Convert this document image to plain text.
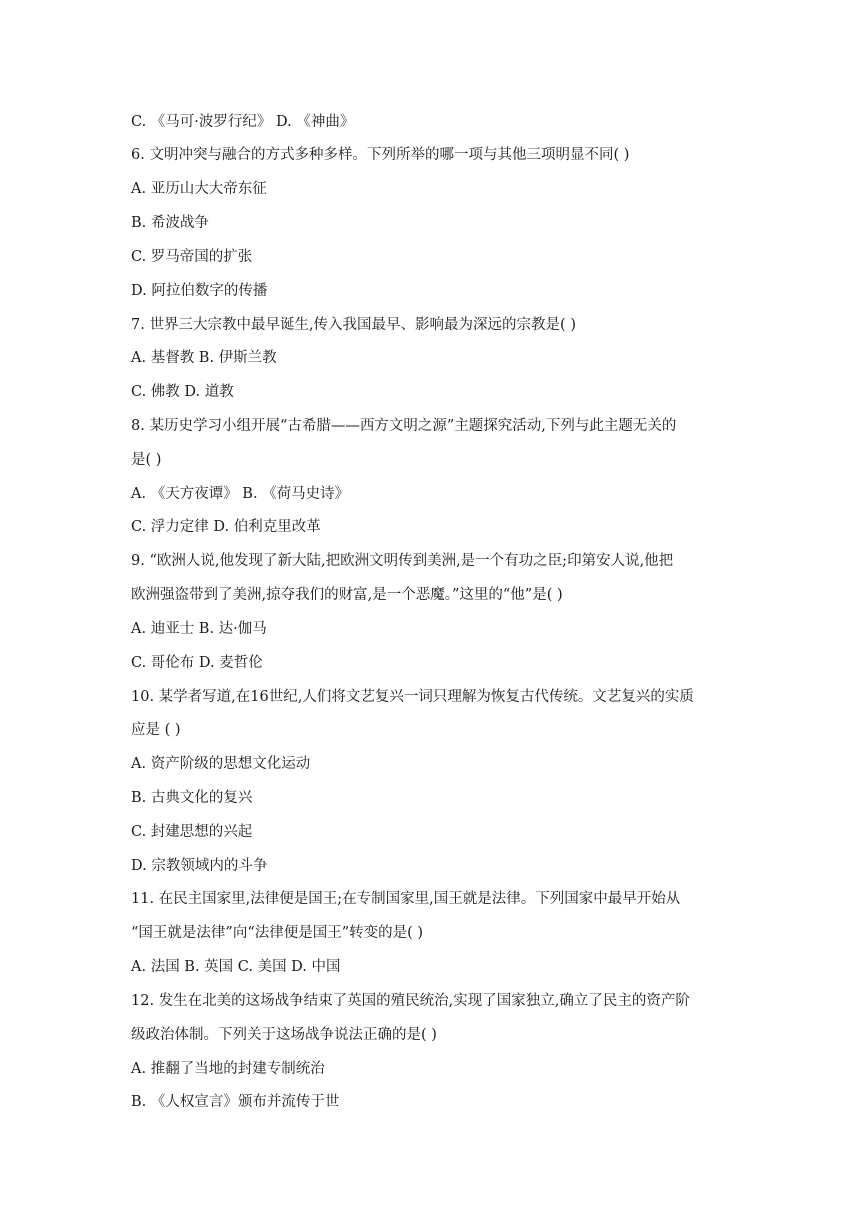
C. 《马可·波罗行纪》 D. 《神曲》
6. 文明冲突与融合的方式多种多样。下列所举的哪一项与其他三项明显不同( )
A. 亚历山大大帝东征
B. 希波战争
C. 罗马帝国的扩张
D. 阿拉伯数字的传播
7. 世界三大宗教中最早诞生,传入我国最早、影响最为深远的宗教是( )
A. 基督教 B. 伊斯兰教
C. 佛教 D. 道教
8. 某历史学习小组开展“古希腊——西方文明之源”主题探究活动,下列与此主题无关的
是( )
A. 《天方夜谭》 B. 《荷马史诗》
C. 浮力定律 D. 伯利克里改革
9. “欧洲人说,他发现了新大陆,把欧洲文明传到美洲,是一个有功之臣;印第安人说,他把
欧洲强盗带到了美洲,掠夺我们的财富,是一个恶魔。”这里的“他”是( )
A. 迪亚士 B. 达·伽马
C. 哥伦布 D. 麦哲伦
10. 某学者写道,在16世纪,人们将文艺复兴一词只理解为恢复古代传统。文艺复兴的实质
应是 ( )
A. 资产阶级的思想文化运动
B. 古典文化的复兴
C. 封建思想的兴起
D. 宗教领域内的斗争
11. 在民主国家里,法律便是国王;在专制国家里,国王就是法律。下列国家中最早开始从
“国王就是法律”向“法律便是国王”转变的是( )
A. 法国 B. 英国 C. 美国 D. 中国
12. 发生在北美的这场战争结束了英国的殖民统治,实现了国家独立,确立了民主的资产阶
级政治体制。下列关于这场战争说法正确的是( )
A. 推翻了当地的封建专制统治
B. 《人权宣言》颁布并流传于世
